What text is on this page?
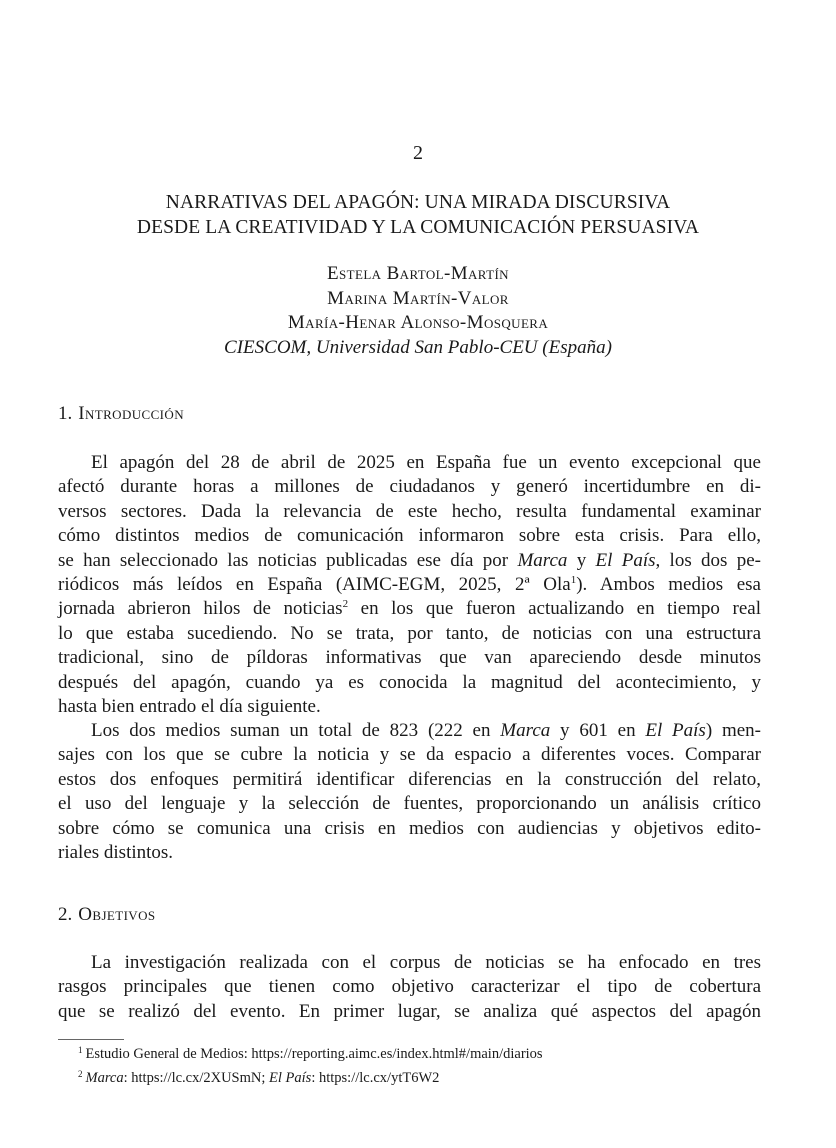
2
NARRATIVAS DEL APAGÓN: UNA MIRADA DISCURSIVA
DESDE LA CREATIVIDAD Y LA COMUNICACIÓN PERSUASIVA
Estela Bartol-Martín
Marina Martín-Valor
María-Henar Alonso-Mosquera
CIESCOM, Universidad San Pablo-CEU (España)
1. Introducción
El apagón del 28 de abril de 2025 en España fue un evento excepcional que
afectó durante horas a millones de ciudadanos y generó incertidumbre en di-
versos sectores. Dada la relevancia de este hecho, resulta fundamental examinar
cómo distintos medios de comunicación informaron sobre esta crisis. Para ello,
se han seleccionado las noticias publicadas ese día por Marca y El País, los dos pe-
riódicos más leídos en España (AIMC-EGM, 2025, 2ª Ola$^1$). Ambos medios esa
jornada abrieron hilos de noticias$^2$ en los que fueron actualizando en tiempo real
lo que estaba sucediendo. No se trata, por tanto, de noticias con una estructura
tradicional, sino de píldoras informativas que van apareciendo desde minutos
después del apagón, cuando ya es conocida la magnitud del acontecimiento, y
hasta bien entrado el día siguiente.
Los dos medios suman un total de 823 (222 en Marca y 601 en El País) men-
sajes con los que se cubre la noticia y se da espacio a diferentes voces. Comparar
estos dos enfoques permitirá identificar diferencias en la construcción del relato,
el uso del lenguaje y la selección de fuentes, proporcionando un análisis crítico
sobre cómo se comunica una crisis en medios con audiencias y objetivos edito-
riales distintos.
2. Objetivos
La investigación realizada con el corpus de noticias se ha enfocado en tres
rasgos principales que tienen como objetivo caracterizar el tipo de cobertura
que se realizó del evento. En primer lugar, se analiza qué aspectos del apagón
$^1$ Estudio General de Medios: https://reporting.aimc.es/index.html#/main/diarios
$^2$ Marca: https://lc.cx/2XUSmN; El País: https://lc.cx/ytT6W2
